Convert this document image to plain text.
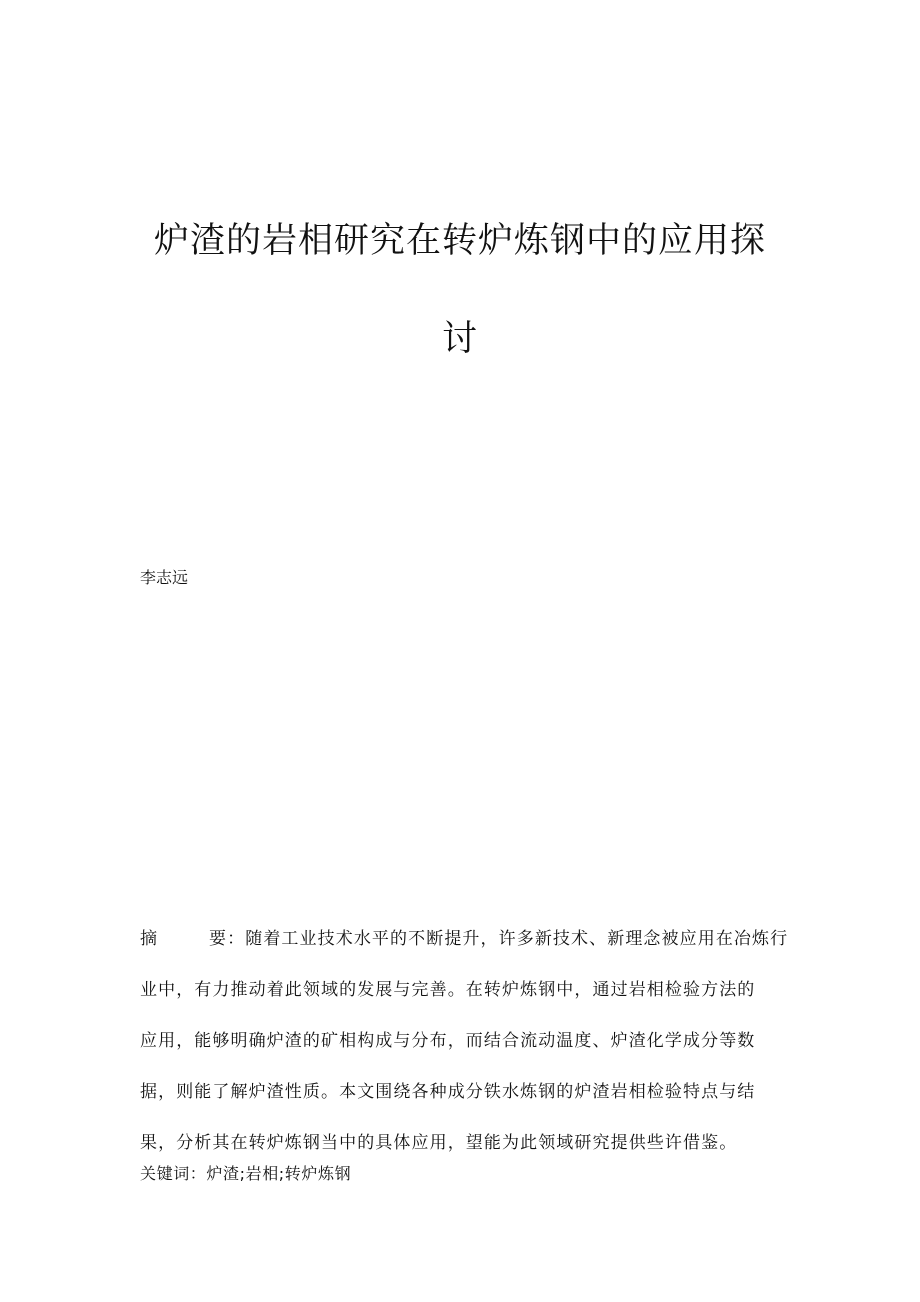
炉渣的岩相研究在转炉炼钢中的应用探
讨
李志远
摘	要：随着工业技术水平的不断提升，许多新技术、新理念被应用在冶炼行
业中，有力推动着此领域的发展与完善。在转炉炼钢中，通过岩相检验方法的
应用，能够明确炉渣的矿相构成与分布，而结合流动温度、炉渣化学成分等数
据，则能了解炉渣性质。本文围绕各种成分铁水炼钢的炉渣岩相检验特点与结
果，分析其在转炉炼钢当中的具体应用，望能为此领域研究提供些许借鉴。
关键词：炉渣;岩相;转炉炼钢
